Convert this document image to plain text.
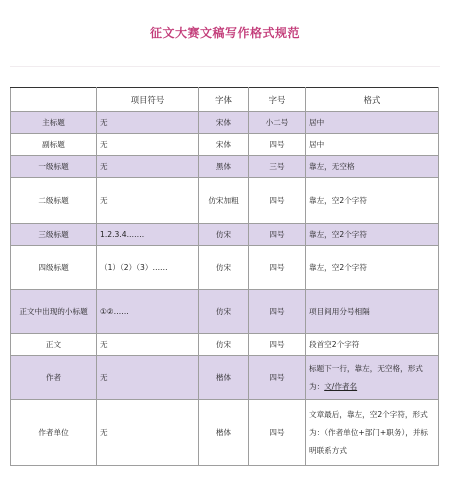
征文大赛文稿写作格式规范
	项目符号	字体	字号	格式
主标题	无	宋体	小二号	居中
副标题	无	宋体	四号	居中
一级标题	无	黑体	三号	靠左，无空格
二级标题	无	仿宋加粗	四号	靠左，空2个字符
三级标题	1.2.3.4.……	仿宋	四号	靠左，空2个字符
四级标题	（1）（2）（3）……	仿宋	四号	靠左，空2个字符
正文中出现的小标题	①②……	仿宋	四号	项目间用分号相隔
正文	无	仿宋	四号	段首空2个字符
作者	无	楷体	四号	标题下一行，靠左，无空格，形式为：文/作者名
作者单位	无	楷体	四号	文章最后，靠左，空2个字符，形式为：（作者单位+部门+职务），并标明联系方式
